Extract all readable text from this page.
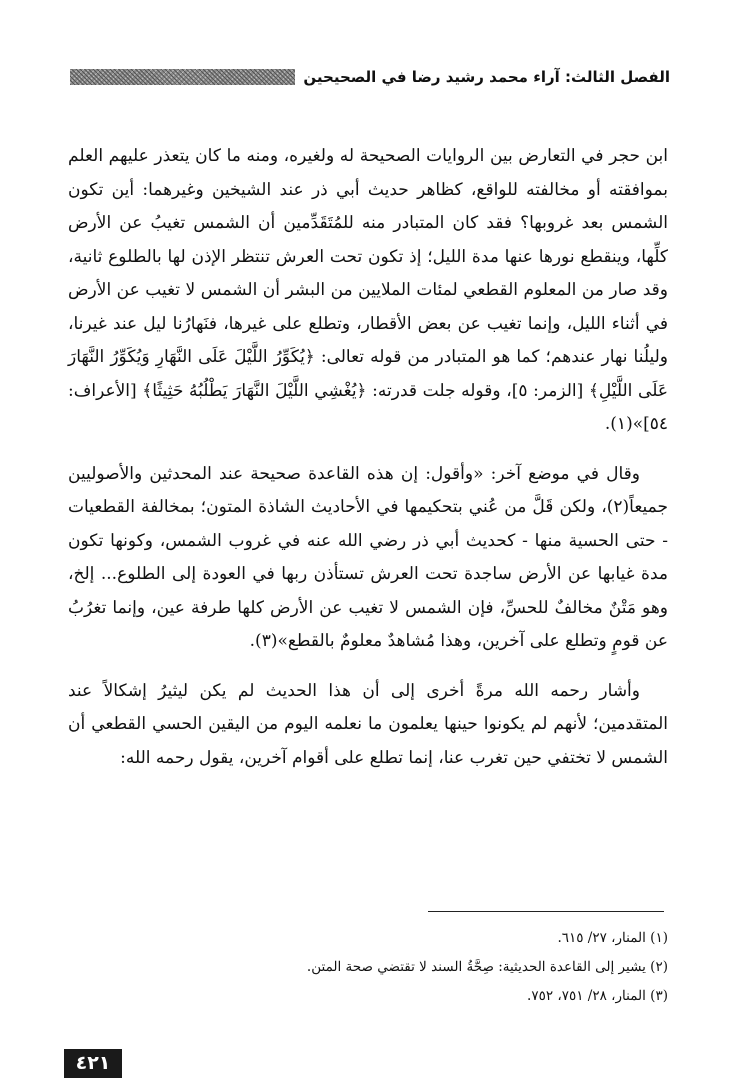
الفصل الثالث: آراء محمد رشيد رضا في الصحيحين

ابن حجر في التعارض بين الروايات الصحيحة له ولغيره، ومنه ما كان يتعذر عليهم العلم بموافقته أو مخالفته للواقع، كظاهر حديث أبي ذر عند الشيخين وغيرهما: أين تكون الشمس بعد غروبها؟ فقد كان المتبادر منه للمُتَقَدِّمين أن الشمس تغيبُ عن الأرض كلِّها، وينقطع نورها عنها مدة الليل؛ إذ تكون تحت العرش تنتظر الإذن لها بالطلوع ثانية، وقد صار من المعلوم القطعي لمئات الملايين من البشر أن الشمس لا تغيب عن الأرض في أثناء الليل، وإنما تغيب عن بعض الأقطار، وتطلع على غيرها، فنَهارُنا ليل عند غيرنا، وليلُنا نهار عندهم؛ كما هو المتبادر من قوله تعالى: ﴿يُكَوِّرُ اللَّيْلَ عَلَى النَّهَارِ وَيُكَوِّرُ النَّهَارَ عَلَى اللَّيْلِ﴾ [الزمر: ٥]، وقوله جلت قدرته: ﴿يُغْشِي اللَّيْلَ النَّهَارَ يَطْلُبُهُ حَثِيثًا﴾ [الأعراف: ٥٤]»(١).

وقال في موضع آخر: «وأقول: إن هذه القاعدة صحيحة عند المحدثين والأصوليين جميعاً(٢)، ولكن قَلَّ من عُني بتحكيمها في الأحاديث الشاذة المتون؛ بمخالفة القطعيات - حتى الحسية منها - كحديث أبي ذر رضي الله عنه في غروب الشمس، وكونها تكون مدة غيابها عن الأرض ساجدة تحت العرش تستأذن ربها في العودة إلى الطلوع... إلخ، وهو مَتْنٌ مخالفٌ للحسِّ، فإن الشمس لا تغيب عن الأرض كلها طرفة عين، وإنما تغرُبُ عن قومٍ وتطلع على آخرين، وهذا مُشاهدٌ معلومٌ بالقطع»(٣).

وأشار رحمه الله مرةً أخرى إلى أن هذا الحديث لم يكن ليثيرُ إشكالاً عند المتقدمين؛ لأنهم لم يكونوا حينها يعلمون ما نعلمه اليوم من اليقين الحسي القطعي أن الشمس لا تختفي حين تغرب عنا، إنما تطلع على أقوام آخرين، يقول رحمه الله:

(١) المنار، ٢٧/ ٦١٥.

(٢) يشير إلى القاعدة الحديثية: صِحَّةُ السند لا تقتضي صحة المتن.

(٣) المنار، ٢٨/ ٧٥١، ٧٥٢.

٤٢١
